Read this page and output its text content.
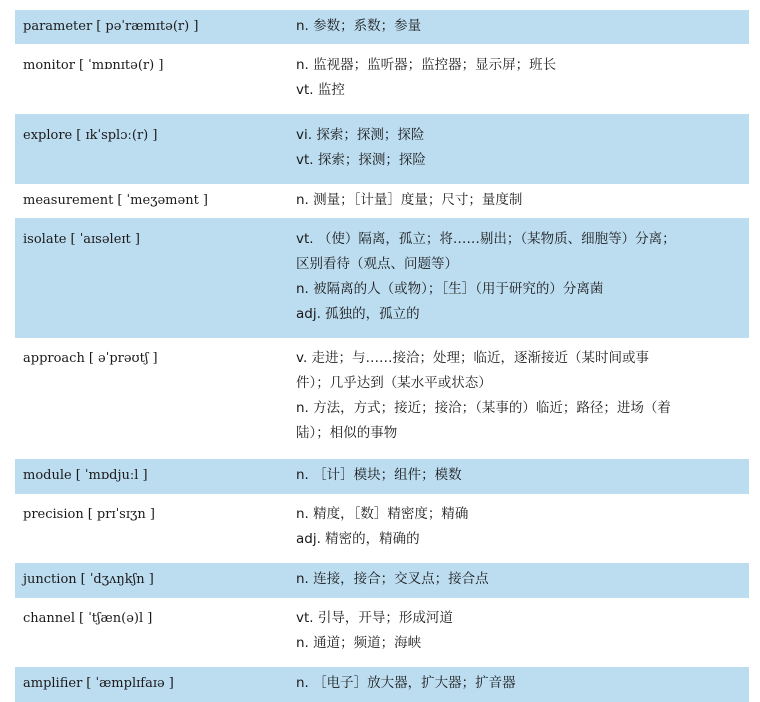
parameter [ pəˈræmɪtə(r) ]	n. 参数；系数；参量
monitor [ ˈmɒnɪtə(r) ]	n. 监视器；监听器；监控器；显示屏；班长
vt. 监控
explore [ ɪkˈsplɔː(r) ]	vi. 探索；探测；探险
vt. 探索；探测；探险
measurement [ ˈmeʒəmənt ]	n. 测量；［计量］度量；尺寸；量度制
isolate [ ˈaɪsəleɪt ]	vt. （使）隔离，孤立；将……剔出；（某物质、细胞等）分离；
区别看待（观点、问题等）
n. 被隔离的人（或物）；［生］（用于研究的）分离菌
adj. 孤独的，孤立的
approach [ əˈprəʊtʃ ]	v. 走进；与……接洽；处理；临近，逐渐接近（某时间或事
件）；几乎达到（某水平或状态）
n. 方法，方式；接近；接洽；（某事的）临近；路径；进场（着
陆）；相似的事物
module [ ˈmɒdjuːl ]	n. ［计］模块；组件；模数
precision [ prɪˈsɪʒn ]	n. 精度，［数］精密度；精确
adj. 精密的，精确的
junction [ ˈdʒʌŋkʃn ]	n. 连接，接合；交叉点；接合点
channel [ ˈtʃæn(ə)l ]	vt. 引导，开导；形成河道
n. 通道；频道；海峡
amplifier [ ˈæmplɪfaɪə ]	n. ［电子］放大器，扩大器；扩音器
